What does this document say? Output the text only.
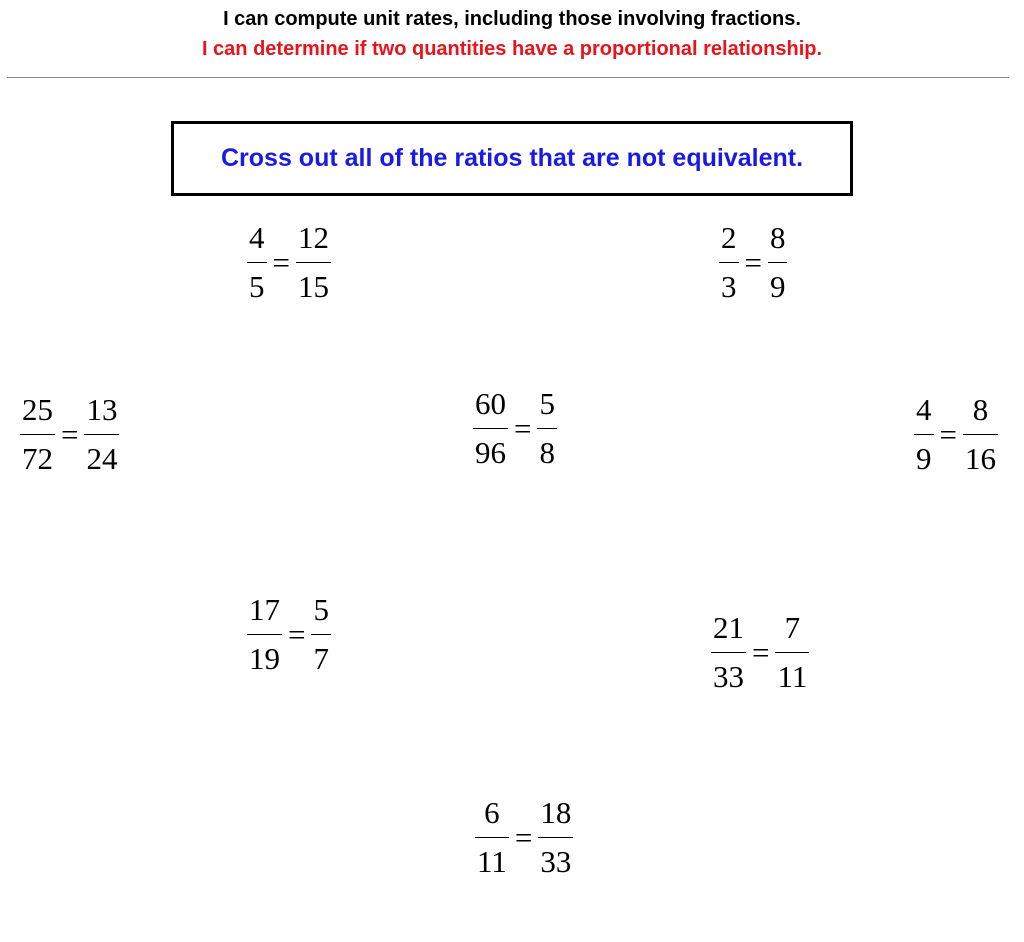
I can compute unit rates, including those involving fractions.
I can determine if two quantities have a proportional relationship.
Cross out all of the ratios that are not equivalent.
$\frac{4}{5} = \frac{12}{15}$	$\frac{2}{3} = \frac{8}{9}$
$\frac{25}{72} = \frac{13}{24}$	$\frac{60}{96} = \frac{5}{8}$	$\frac{4}{9} = \frac{8}{16}$
$\frac{17}{19} = \frac{5}{7}$	$\frac{21}{33} = \frac{7}{11}$
$\frac{6}{11} = \frac{18}{33}$
